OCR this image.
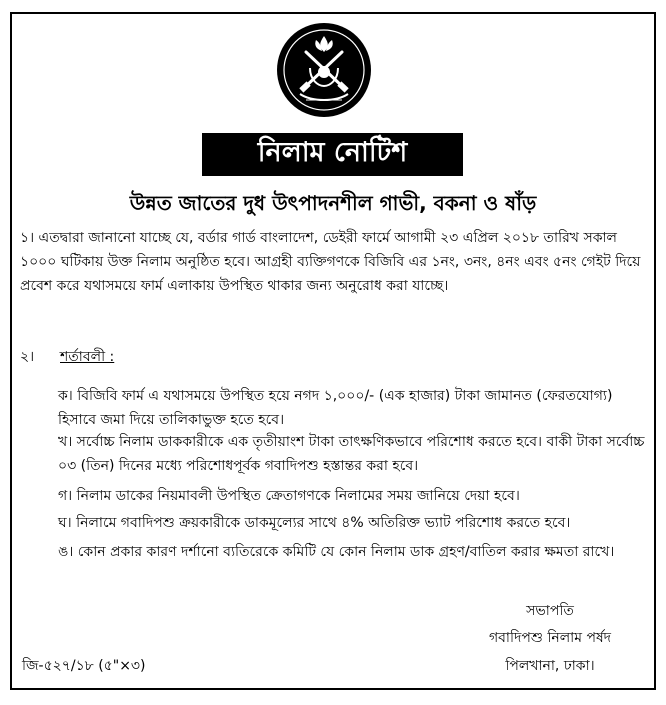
নিলাম নোটিশ
উন্নত জাতের দুধ উৎপাদনশীল গাভী, বকনা ও ষাঁড়
১। এতদ্বারা জানানো যাচ্ছে যে, বর্ডার গার্ড বাংলাদেশ, ডেইরী ফার্মে আগামী ২৩ এপ্রিল ২০১৮ তারিখ সকাল ১০০০ ঘটিকায় উক্ত নিলাম অনুষ্ঠিত হবে। আগ্রহী ব্যক্তিগণকে বিজিবি এর ১নং, ৩নং, ৪নং এবং ৫নং গেইট দিয়ে প্রবেশ করে যথাসময়ে ফার্ম এলাকায় উপস্থিত থাকার জন্য অনুরোধ করা যাচ্ছে।
২। শর্তাবলী :
ক। বিজিবি ফার্ম এ যথাসময়ে উপস্থিত হয়ে নগদ ১,০০০/- (এক হাজার) টাকা জামানত (ফেরতযোগ্য) হিসাবে জমা দিয়ে তালিকাভুক্ত হতে হবে।
খ। সর্বোচ্চ নিলাম ডাককারীকে এক তৃতীয়াংশ টাকা তাৎক্ষণিকভাবে পরিশোধ করতে হবে। বাকী টাকা সর্বোচ্চ ০৩ (তিন) দিনের মধ্যে পরিশোধপূর্বক গবাদিপশু হস্তান্তর করা হবে।
গ। নিলাম ডাকের নিয়মাবলী উপস্থিত ক্রেতাগণকে নিলামের সময় জানিয়ে দেয়া হবে।
ঘ। নিলামে গবাদিপশু ক্রয়কারীকে ডাকমূল্যের সাথে ৪% অতিরিক্ত ভ্যাট পরিশোধ করতে হবে।
ঙ। কোন প্রকার কারণ দর্শানো ব্যতিরেকে কমিটি যে কোন নিলাম ডাক গ্রহণ/বাতিল করার ক্ষমতা রাখে।
সভাপতি
গবাদিপশু নিলাম পর্ষদ
পিলখানা, ঢাকা।
জি-৫২৭/১৮ (৫"×৩)
